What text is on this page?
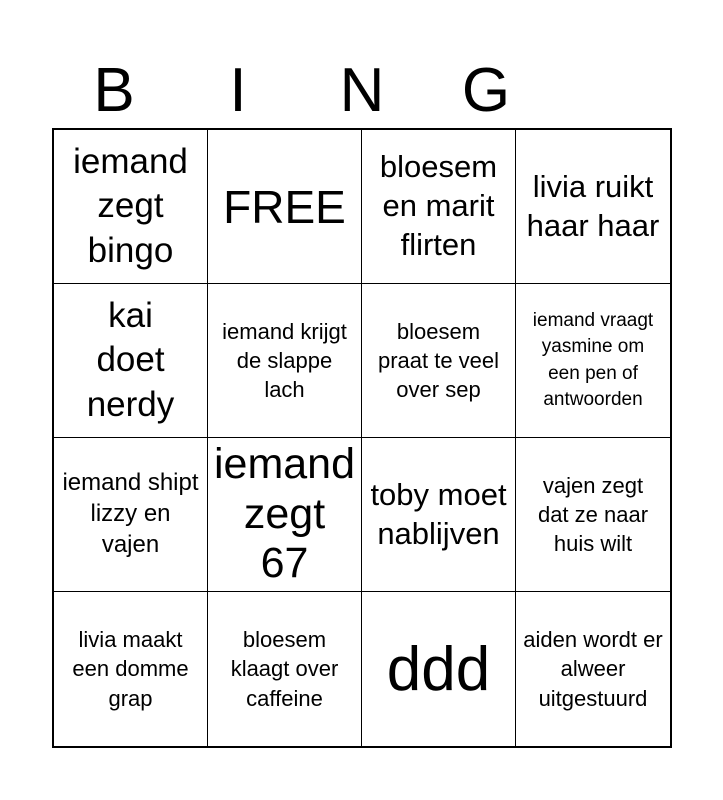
B	I	N	G
iemand zegt bingo
FREE
bloesem en marit flirten
livia ruikt haar haar
kai doet nerdy
iemand krijgt de slappe lach
bloesem praat te veel over sep
iemand vraagt yasmine om een pen of antwoorden
iemand shipt lizzy en vajen
iemand zegt 67
toby moet nablijven
vajen zegt dat ze naar huis wilt
livia maakt een domme grap
bloesem klaagt over caffeine	ddd aiden wordt er alweer uitgestuurd
